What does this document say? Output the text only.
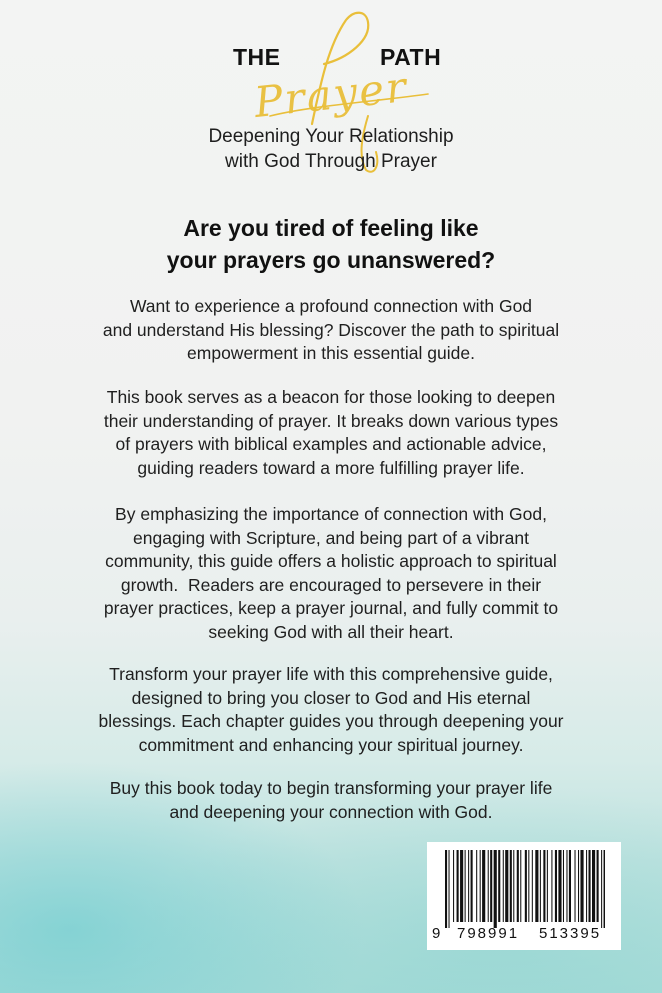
THE
Prayer
PATH
Deepening Your Relationship
with God Through Prayer
Are you tired of feeling like
your prayers go unanswered?
Want to experience a profound connection with God
and understand His blessing? Discover the path to spiritual
empowerment in this essential guide.
This book serves as a beacon for those looking to deepen
their understanding of prayer. It breaks down various types
of prayers with biblical examples and actionable advice,
guiding readers toward a more fulfilling prayer life.
By emphasizing the importance of connection with God,
engaging with Scripture, and being part of a vibrant
community, this guide offers a holistic approach to spiritual
growth.  Readers are encouraged to persevere in their
prayer practices, keep a prayer journal, and fully commit to
seeking God with all their heart.
Transform your prayer life with this comprehensive guide,
designed to bring you closer to God and His eternal
blessings. Each chapter guides you through deepening your
commitment and enhancing your spiritual journey.
Buy this book today to begin transforming your prayer life
and deepening your connection with God.
9 798991 513395
